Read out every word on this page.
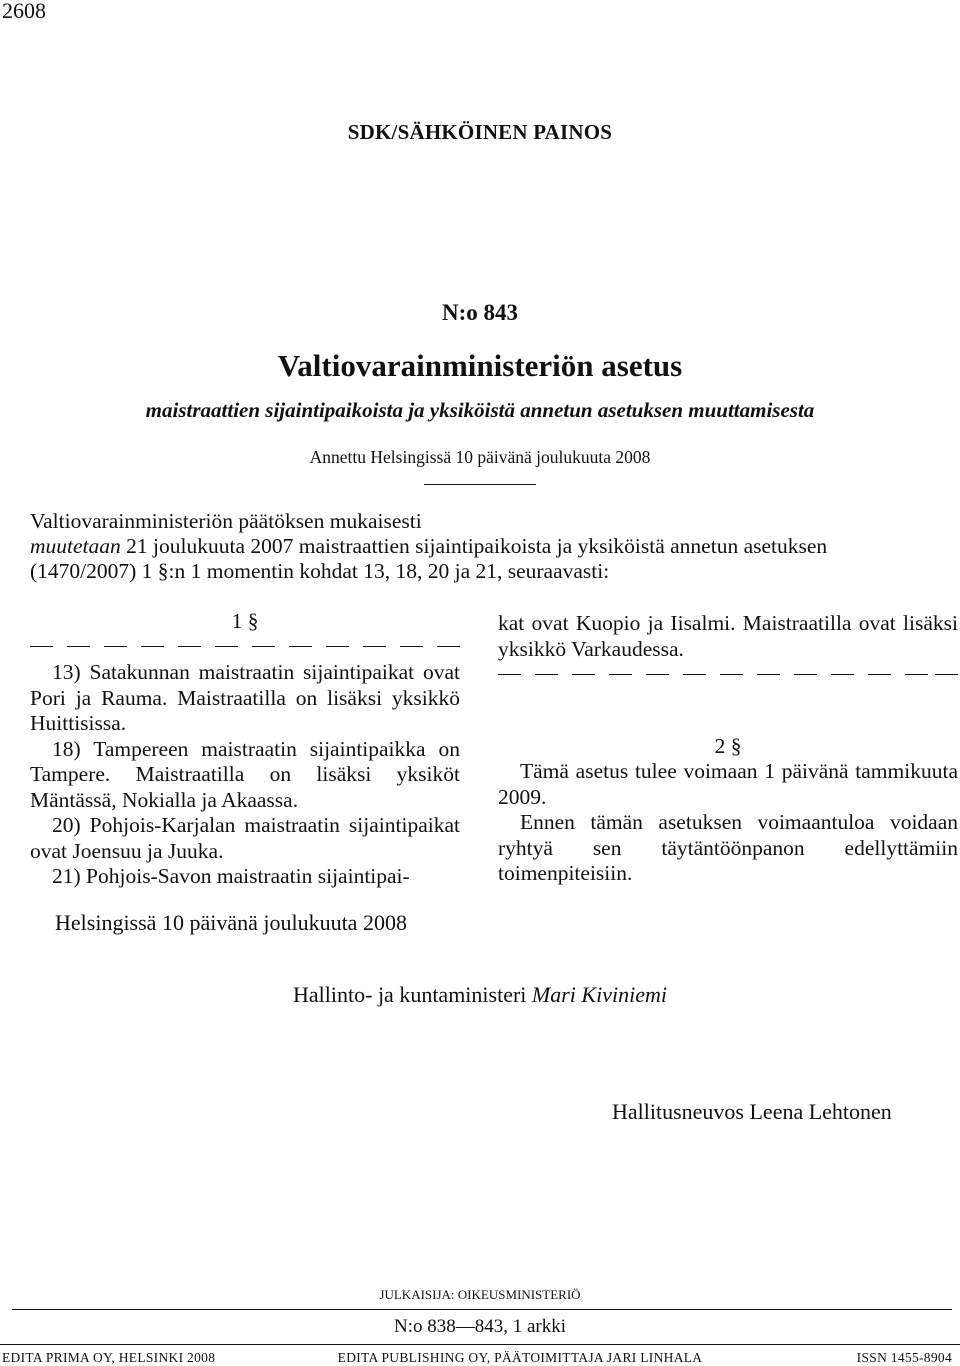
2608
SDK/SÄHKÖINEN PAINOS
N:o 843
Valtiovarainministeriön asetus
maistraattien sijaintipaikoista ja yksiköistä annetun asetuksen muuttamisesta
Annettu Helsingissä 10 päivänä joulukuuta 2008

Valtiovarainministeriön päätöksen mukaisesti

muutetaan 21 joulukuuta 2007 maistraattien sijaintipaikoista ja yksiköistä annetun asetuksen

(1470/2007) 1 §:n 1 momentin kohdat 13, 18, 20 ja 21, seuraavasti:

1 §

13) Satakunnan maistraatin sijaintipaikat ovat Pori ja Rauma. Maistraatilla on lisäksi yksikkö Huittisissa.

18) Tampereen maistraatin sijaintipaikka on Tampere. Maistraatilla on lisäksi yksiköt Mäntässä, Nokialla ja Akaassa.

20) Pohjois-Karjalan maistraatin sijaintipaikat ovat Joensuu ja Juuka.

21) Pohjois-Savon maistraatin sijaintipai-

kat ovat Kuopio ja Iisalmi. Maistraatilla ovat lisäksi yksikkö Varkaudessa.

2 §

Tämä asetus tulee voimaan 1 päivänä tammikuuta 2009.

Ennen tämän asetuksen voimaantuloa voidaan ryhtyä sen täytäntöönpanon edellyttämiin toimenpiteisiin.

Helsingissä 10 päivänä joulukuuta 2008
Hallinto- ja kuntaministeri Mari Kiviniemi
Hallitusneuvos Leena Lehtonen
JULKAISIJA: OIKEUSMINISTERIÖ
N:o 838—843, 1 arkki
EDITA PRIMA OY, HELSINKI 2008	EDITA PUBLISHING OY, PÄÄTOIMITTAJA JARI LINHALA	ISSN 1455-8904
